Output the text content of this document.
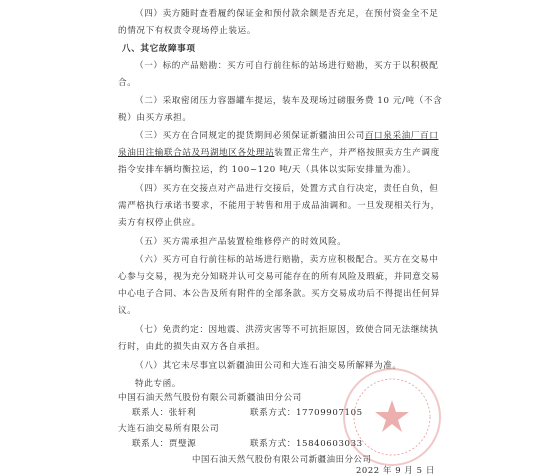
（四）卖方随时查看履约保证金和预付款余额是否充足，在预付资金全不足
的情况下有权责令现场停止装运。
八、其它故障事项
（一）标的产品赔勘：买方可自行前往标的站场进行赔勘，买方于以积极配
合。
（二）采取密闭压力容器罐车提运，装车及现场过磅服务费 10 元/吨（不含
税）由买方承担。
（三）买方在合同规定的提货期间必须保证新疆油田公司百口泉采油厂百口
泉油田注输联合站及玛湖地区各处理站装置正常生产，并严格按照卖方生产调度
指令安排车辆均衡拉运，约 100~120 吨/天（具体以实际安排量为准）。
（四）买方在交接点对产品进行交接后，处置方式自行决定，责任自负，但
需严格执行承诺书要求，不能用于转售和用于成品油调和。一旦发现相关行为，
卖方有权停止供应。
（五）买方需承担产品装置检维修停产的时效风险。
（六）买方可自行前往标的站场进行赔勘，卖方应积极配合。买方在交易中
心参与交易，视为充分知晓并认可交易可能存在的所有风险及瑕疵，并同意交易
中心电子合同、本公告及所有附件的全部条款。买方交易成功后不得提出任何异
议。
（七）免责约定：因地震、洪涝灾害等不可抗拒原因，致使合同无法继续执
行时，由此的损失由双方各自承担。
（八）其它未尽事宜以新疆油田公司和大连石油交易所解释为准。
特此专函。
中国石油天然气股份有限公司新疆油田分公司
联系人：张轩利	联系方式：17709907105
大连石油交易所有限公司
联系人：贾璧源	联系方式：15840603033
中国石油天然气股份有限公司新疆油田分公司
2022 年 9 月 5 日
